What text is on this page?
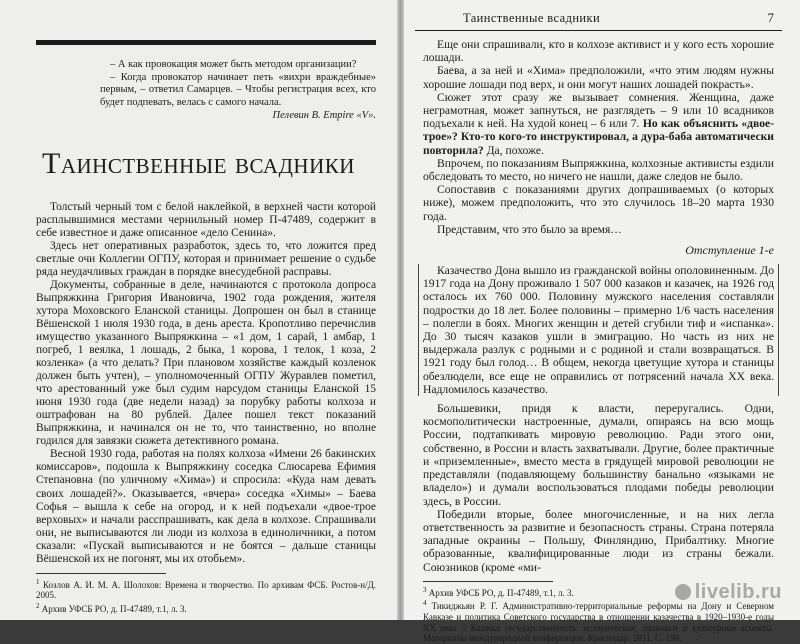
– А как провокация может быть методом организации?

– Когда провокатор начинает петь «вихри враждебные» первым, – ответил Самарцев. – Чтобы регистрация всех, кто будет подпевать, велась с самого начала.

Пелевин В. Empire «V».

Таинственные всадники

Толстый черный том с белой наклейкой, в верхней части которой расплывшимися местами чернильный номер П-47489, содержит в себе известное и даже описанное «дело Сенина».

Здесь нет оперативных разработок, здесь то, что ложится пред светлые очи Коллегии ОГПУ, которая и принимает решение о судьбе ряда неудачливых граждан в порядке внесудебной расправы.

Документы, собранные в деле, начинаются с протокола допроса Выпряжкина Григория Ивановича, 1902 года рождения, жителя хутора Моховского Еланской станицы. Допрошен он был в станице Вёшенской 1 июля 1930 года, в день ареста. Кропотливо перечислив имущество указанного Выпряжкина – «1 дом, 1 сарай, 1 амбар, 1 погреб, 1 веялка, 1 лошадь, 2 быка, 1 корова, 1 телок, 1 коза, 2 козленка» (а что делать? При плановом хозяйстве каждый козленок должен быть учтен), – уполномоченный ОГПУ Журавлев пометил, что арестованный уже был судим нарсудом станицы Еланской 15 июня 1930 года (две недели назад) за порубку работы колхоза и оштрафован на 80 рублей. Далее пошел текст показаний Выпряжкина, и начинался он не то, что таинственно, но вполне годился для завязки сюжета детективного романа.

Весной 1930 года, работая на полях колхоза «Имени 26 бакинских комиссаров», подошла к Выпряжкину соседка Слюсарева Ефимия Степановна (по уличному «Хима») и спросила: «Куда нам девать своих лошадей?». Оказывается, «вчера» соседка «Химы» – Баева Софья – вышла к себе на огород, и к ней подъехали «двое-трое верховых» и начали расспрашивать, как дела в колхозе. Спрашивали они, не выписываются ли люди из колхоза в единоличники, а потом сказали: «Пускай выписываются и не боятся – дальше станицы Вёшенской их не погонят, мы их отобьем».

$^1$ Козлов А. И. М. А. Шолохов: Времена и творчество. По архивам ФСБ. Ростов-н/Д. 2005.

$^2$ Архив УФСБ РО, д. П-47489, т.1, л. 3.

Таинственные всадники	7

Еще они спрашивали, кто в колхозе активист и у кого есть хорошие лошади.

Баева, а за ней и «Хима» предположили, «что этим людям нужны хорошие лошади под верх, и они могут наших лошадей покрасть».

Сюжет этот сразу же вызывает сомнения. Женщина, даже неграмотная, может запнуться, не разглядеть – 9 или 10 всадников подъехали к ней. На худой конец – 6 или 7. Но как объяснить «двое-трое»? Кто-то кого-то инструктировал, а дура-баба автоматически повторила? Да, похоже.

Впрочем, по показаниям Выпряжкина, колхозные активисты ездили обследовать то место, но ничего не нашли, даже следов не было.

Сопоставив с показаниями других допрашиваемых (о которых ниже), можем предположить, что это случилось 18–20 марта 1930 года.

Представим, что это было за время…

Отступление 1-е

Казачество Дона вышло из гражданской войны ополовиненным. До 1917 года на Дону проживало 1 507 000 казаков и казачек, на 1926 год осталось их 760 000. Половину мужского населения составляли подростки до 18 лет. Более половины – примерно 1/6 часть населения – полегли в боях. Многих женщин и детей сгубили тиф и «испанка». До 30 тысяч казаков ушли в эмиграцию. Но часть из них не выдержала разлук с родными и с родиной и стали возвращаться. В 1921 году был голод… В общем, некогда цветущие хутора и станицы обезлюдели, все еще не оправились от потрясений начала XX века. Надломилось казачество.

Большевики, придя к власти, переругались. Одни, космополитически настроенные, думали, опираясь на всю мощь России, подтапкивать мировую революцию. Ради этого они, собственно, в России и власть захватывали. Другие, более практичные и «приземленные», вместо места в грядущей мировой революции не представляли (подавляющему большинству банально «языками не владело») и думали воспользоваться плодами победы революции здесь, в России.

Победили вторые, более многочисленные, и на них легла ответственность за развитие и безопасность страны. Страна потеряла западные окраины – Польшу, Финляндию, Прибалтику. Многие образованные, квалифицированные люди из страны бежали. Союзников (кроме «ми-

$^3$ Архив УФСБ РО, д. П-47489, т.1, л. 3.

$^4$ Тикиджьян Р. Г. Административно-территориальные реформы на Дону и Северном Кавказе и политика Советского государства в отношении казачества в 1920–1930-е годы XX века // Казачья государственность: исторические, правовые и культурные аспекты. Материалы международной конференции. Краснодар. 2011. С. 198.

livelib.ru
